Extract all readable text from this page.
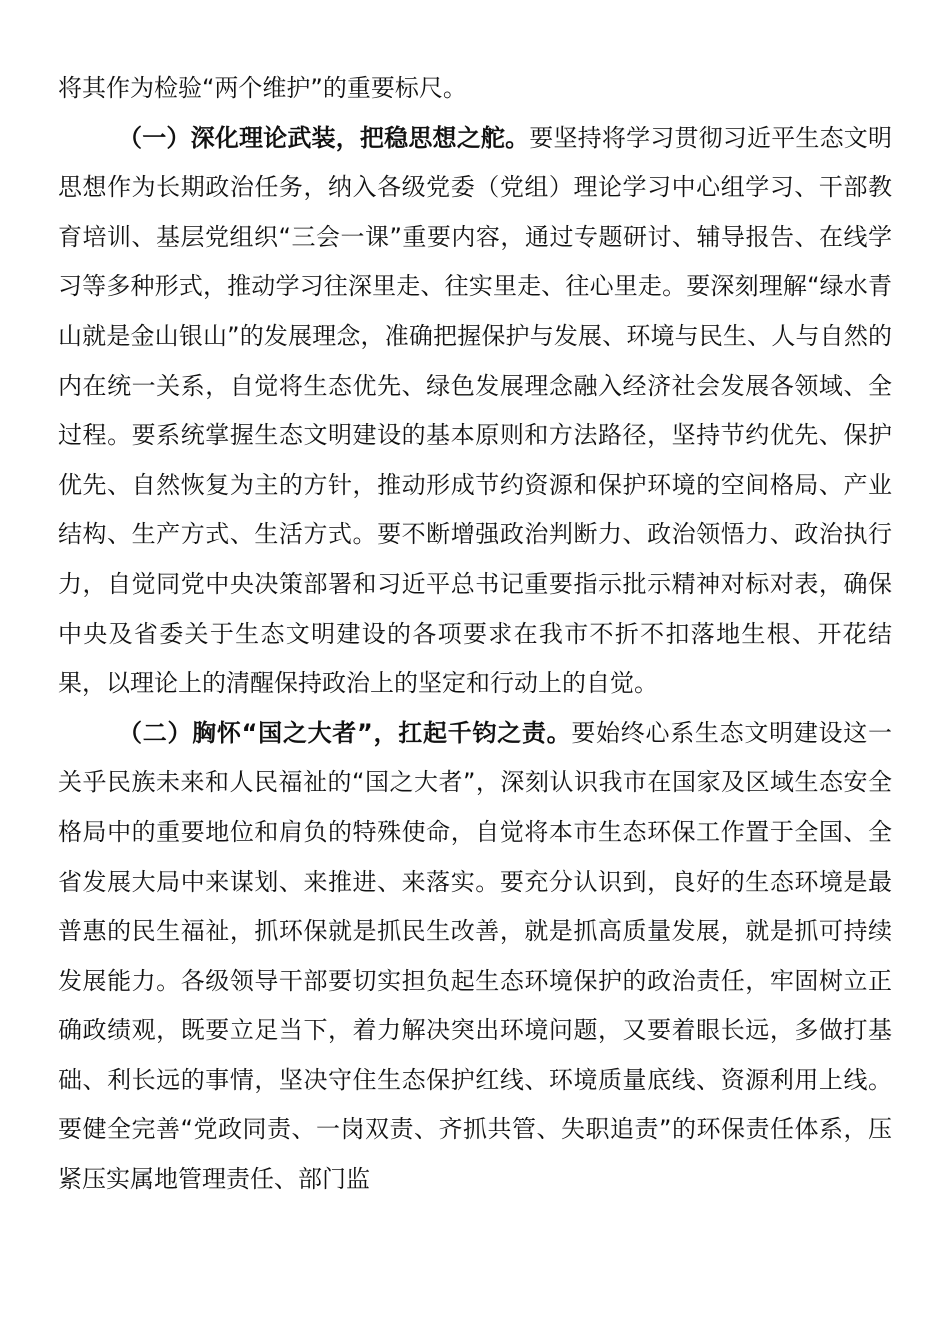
将其作为检验“两个维护”的重要标尺。

（一）深化理论武装，把稳思想之舵。要坚持将学习贯彻习近平生态文明思想作为长期政治任务，纳入各级党委（党组）理论学习中心组学习、干部教育培训、基层党组织“三会一课”重要内容，通过专题研讨、辅导报告、在线学习等多种形式，推动学习往深里走、往实里走、往心里走。要深刻理解“绿水青山就是金山银山”的发展理念，准确把握保护与发展、环境与民生、人与自然的内在统一关系，自觉将生态优先、绿色发展理念融入经济社会发展各领域、全过程。要系统掌握生态文明建设的基本原则和方法路径，坚持节约优先、保护优先、自然恢复为主的方针，推动形成节约资源和保护环境的空间格局、产业结构、生产方式、生活方式。要不断增强政治判断力、政治领悟力、政治执行力，自觉同党中央决策部署和习近平总书记重要指示批示精神对标对表，确保中央及省委关于生态文明建设的各项要求在我市不折不扣落地生根、开花结果，以理论上的清醒保持政治上的坚定和行动上的自觉。

（二）胸怀“国之大者”，扛起千钧之责。要始终心系生态文明建设这一关乎民族未来和人民福祉的“国之大者”，深刻认识我市在国家及区域生态安全格局中的重要地位和肩负的特殊使命，自觉将本市生态环保工作置于全国、全省发展大局中来谋划、来推进、来落实。要充分认识到，良好的生态环境是最普惠的民生福祉，抓环保就是抓民生改善，就是抓高质量发展，就是抓可持续发展能力。各级领导干部要切实担负起生态环境保护的政治责任，牢固树立正确政绩观，既要立足当下，着力解决突出环境问题，又要着眼长远，多做打基础、利长远的事情，坚决守住生态保护红线、环境质量底线、资源利用上线。要健全完善“党政同责、一岗双责、齐抓共管、失职追责”的环保责任体系，压紧压实属地管理责任、部门监
